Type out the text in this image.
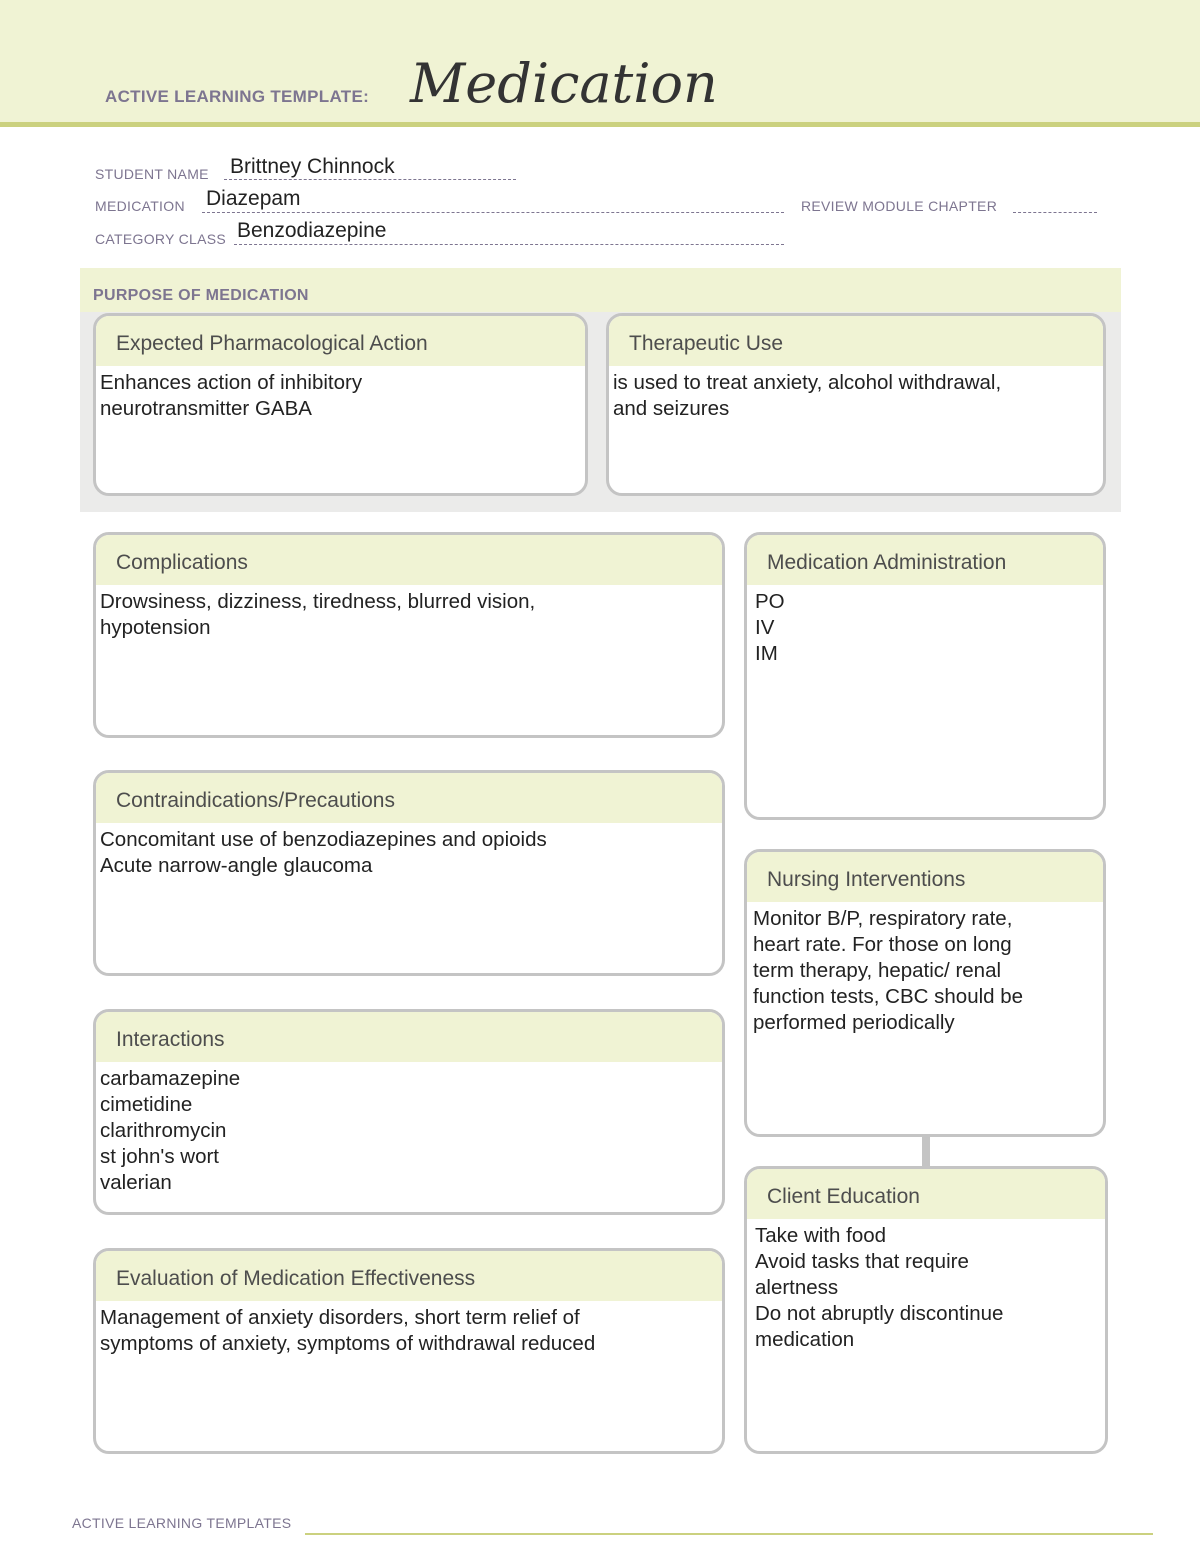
ACTIVE LEARNING TEMPLATE: Medication
STUDENT NAME Brittney Chinnock
MEDICATION Diazepam	REVIEW MODULE CHAPTER
CATEGORY CLASS Benzodiazepine
PURPOSE OF MEDICATION
Expected Pharmacological Action
Enhances action of inhibitory
neurotransmitter GABA
Therapeutic Use
is used to treat anxiety, alcohol withdrawal,
and seizures
Complications
Drowsiness, dizziness, tiredness, blurred vision,
hypotension
Contraindications/Precautions
Concomitant use of benzodiazepines and opioids
Acute narrow-angle glaucoma
Interactions
carbamazepine
cimetidine
clarithromycin
st john's wort
valerian
Evaluation of Medication Effectiveness
Management of anxiety disorders, short term relief of
symptoms of anxiety, symptoms of withdrawal reduced
Medication Administration
PO
IV
IM
Nursing Interventions
Monitor B/P, respiratory rate,
heart rate. For those on long
term therapy, hepatic/ renal
function tests, CBC should be
performed periodically
Client Education
Take with food
Avoid tasks that require
alertness
Do not abruptly discontinue
medication
ACTIVE LEARNING TEMPLATES
